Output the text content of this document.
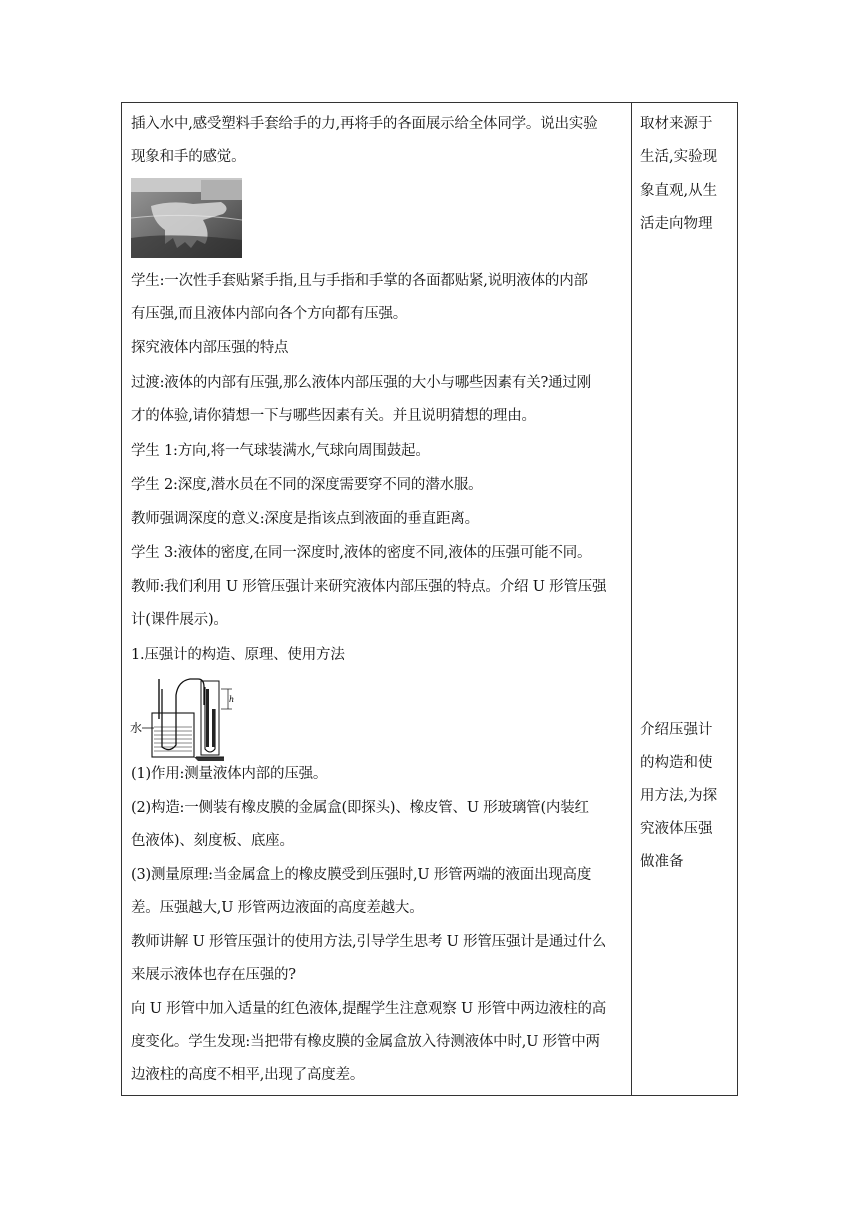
插入水中,感受塑料手套给手的力,再将手的各面展示给全体同学。说出实验
现象和手的感觉。
学生:一次性手套贴紧手指,且与手指和手掌的各面都贴紧,说明液体的内部
有压强,而且液体内部向各个方向都有压强。
探究液体内部压强的特点
过渡:液体的内部有压强,那么液体内部压强的大小与哪些因素有关?通过刚
才的体验,请你猜想一下与哪些因素有关。并且说明猜想的理由。
学生 1:方向,将一气球装满水,气球向周围鼓起。
学生 2:深度,潜水员在不同的深度需要穿不同的潜水服。
教师强调深度的意义:深度是指该点到液面的垂直距离。
学生 3:液体的密度,在同一深度时,液体的密度不同,液体的压强可能不同。
教师:我们利用 U 形管压强计来研究液体内部压强的特点。介绍 U 形管压强
计(课件展示)。
1.压强计的构造、原理、使用方法
水
h
(1)作用:测量液体内部的压强。
(2)构造:一侧装有橡皮膜的金属盒(即探头)、橡皮管、U 形玻璃管(内装红
色液体)、刻度板、底座。
(3)测量原理:当金属盒上的橡皮膜受到压强时,U 形管两端的液面出现高度
差。压强越大,U 形管两边液面的高度差越大。
教师讲解 U 形管压强计的使用方法,引导学生思考 U 形管压强计是通过什么
来展示液体也存在压强的?
向 U 形管中加入适量的红色液体,提醒学生注意观察 U 形管中两边液柱的高
度变化。学生发现:当把带有橡皮膜的金属盒放入待测液体中时,U 形管中两
边液柱的高度不相平,出现了高度差。
取材来源于
生活,实验现
象直观,从生
活走向物理
介绍压强计
的构造和使
用方法,为探
究液体压强
做准备
